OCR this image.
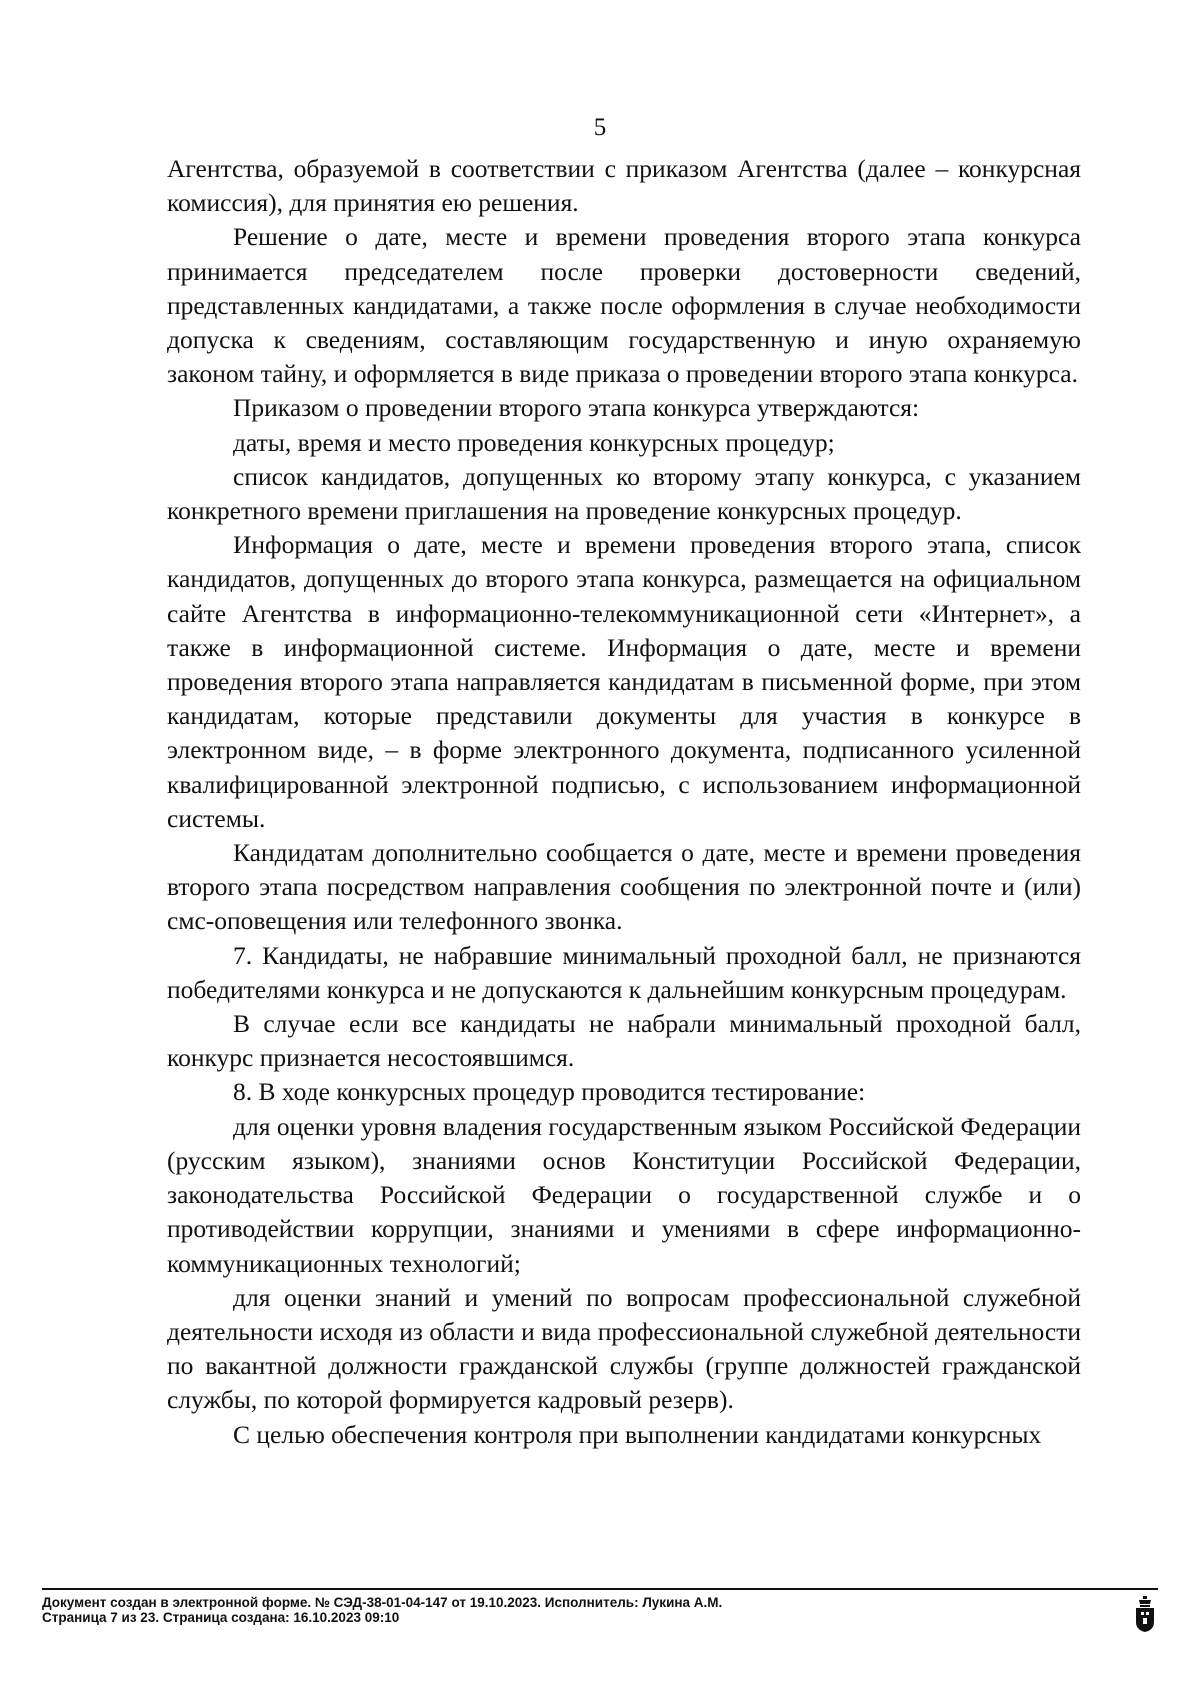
5

Агентства, образуемой в соответствии с приказом Агентства (далее – конкурсная комиссия), для принятия ею решения.

Решение о дате, месте и времени проведения второго этапа конкурса принимается председателем после проверки достоверности сведений, представленных кандидатами, а также после оформления в случае необходимости допуска к сведениям, составляющим государственную и иную охраняемую законом тайну, и оформляется в виде приказа о проведении второго этапа конкурса.

Приказом о проведении второго этапа конкурса утверждаются:

даты, время и место проведения конкурсных процедур;

список кандидатов, допущенных ко второму этапу конкурса, с указанием конкретного времени приглашения на проведение конкурсных процедур.

Информация о дате, месте и времени проведения второго этапа, список кандидатов, допущенных до второго этапа конкурса, размещается на официальном сайте Агентства в информационно-телекоммуникационной сети «Интернет», а также в информационной системе. Информация о дате, месте и времени проведения второго этапа направляется кандидатам в письменной форме, при этом кандидатам, которые представили документы для участия в конкурсе в электронном виде, – в форме электронного документа, подписанного усиленной квалифицированной электронной подписью, с использованием информационной системы.

Кандидатам дополнительно сообщается о дате, месте и времени проведения второго этапа посредством направления сообщения по электронной почте и (или) смс-оповещения или телефонного звонка.

7. Кандидаты, не набравшие минимальный проходной балл, не признаются победителями конкурса и не допускаются к дальнейшим конкурсным процедурам.

В случае если все кандидаты не набрали минимальный проходной балл, конкурс признается несостоявшимся.

8. В ходе конкурсных процедур проводится тестирование:

для оценки уровня владения государственным языком Российской Федерации (русским языком), знаниями основ Конституции Российской Федерации, законодательства Российской Федерации о государственной службе и о противодействии коррупции, знаниями и умениями в сфере информационно-коммуникационных технологий;

для оценки знаний и умений по вопросам профессиональной служебной деятельности исходя из области и вида профессиональной служебной деятельности по вакантной должности гражданской службы (группе должностей гражданской службы, по которой формируется кадровый резерв).

С целью обеспечения контроля при выполнении кандидатами конкурсных

Документ создан в электронной форме. № СЭД-38-01-04-147 от 19.10.2023. Исполнитель: Лукина А.М.
Страница 7 из 23. Страница создана: 16.10.2023 09:10
